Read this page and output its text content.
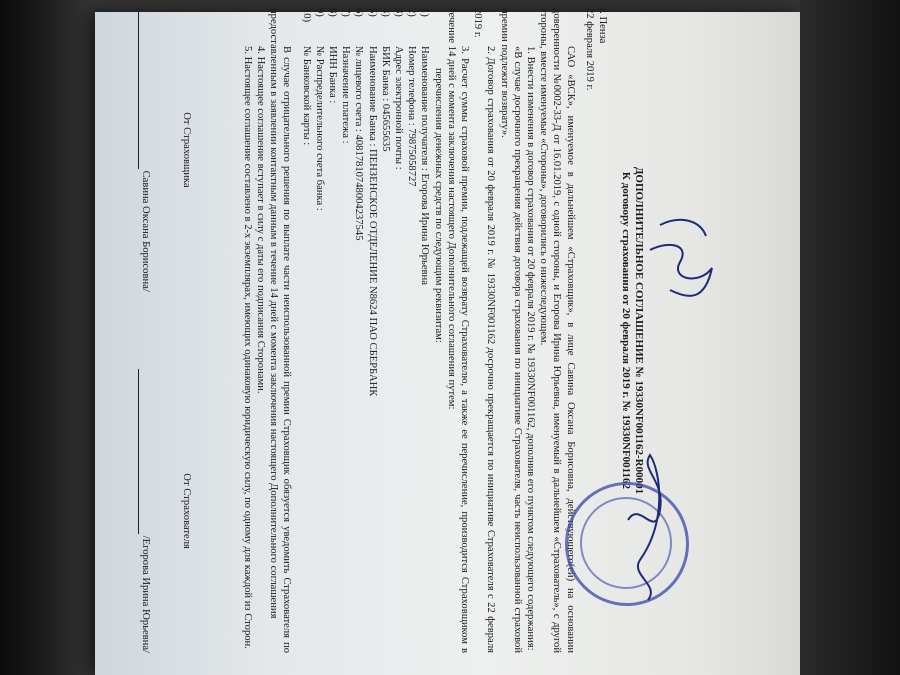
ДОПОЛНИТЕЛЬНОЕ СОГЛАШЕНИЕ № 19330NF001162-R00001
К договору страхования от 20 февраля 2019 г. № 19330NF001162
г. Пенза
22 февраля 2019 г.

САО «ВСК», именуемое в дальнейшем «Страховщик», в лице Савина Оксана Борисовна, действующего(ей) на основании доверенности №0002-33-Д от 16.01.2019, с одной стороны, и Егорова Ирина Юрьевна, именуемый в дальнейшем «Страхователь», с другой стороны, вместе именуемые «Стороны», договорились о нижеследующем.

1. Внести изменения в договор страхования от 20 февраля 2019 г. № 19330NF001162, дополнив его пунктом следующего содержания:

«В случае досрочного прекращения действия договора страхования по инициативе Страхователя, часть неиспользованной страховой премии подлежит возврату».

2. Договор страхования от 20 февраля 2019 г. № 19330NF001162 досрочно прекращается по инициативе Страхователя с 22 февраля 2019 г.

3. Расчет суммы страховой премии, подлежащей возврату Страхователю, а также ее перечисление, производится Страховщиком в течение 14 дней с момента заключения настоящего Дополнительного соглашения путем:

перечисления денежных средств по следующим реквизитам:

1)
Наименование получателя : Егорова Ирина Юрьевна
2)
Номер телефона : 79875058727
3)
Адрес электронной почты :
4)
БИК Банка : 045655635
5)
Наименование Банка : ПЕНЗЕНСКОЕ ОТДЕЛЕНИЕ N8624 ПАО СБЕРБАНК
6)
№ лицевого счета : 40817810748004237545
7)
Назначение платежа :
8)
ИНН Банка :
9)
№ Распределительного счета банка :
10)
№ Банковской карты :

В случае отрицательного решения по выплате части неиспользованной премии Страховщик обязуется уведомить Страхователя по предоставленным в заявлении контактным данным в течение 14 дней с момента заключения настоящего Дополнительного соглашения

4. Настоящее соглашение вступает в силу с даты его подписания Сторонами.

5. Настоящее соглашение составлено в 2-х экземплярах, имеющих одинаковую юридическую силу, по одному для каждой из Сторон.

От Страховщика
Савина Оксана Борисовна/
От Страхователя
/Егорова Ирина Юрьевна/
